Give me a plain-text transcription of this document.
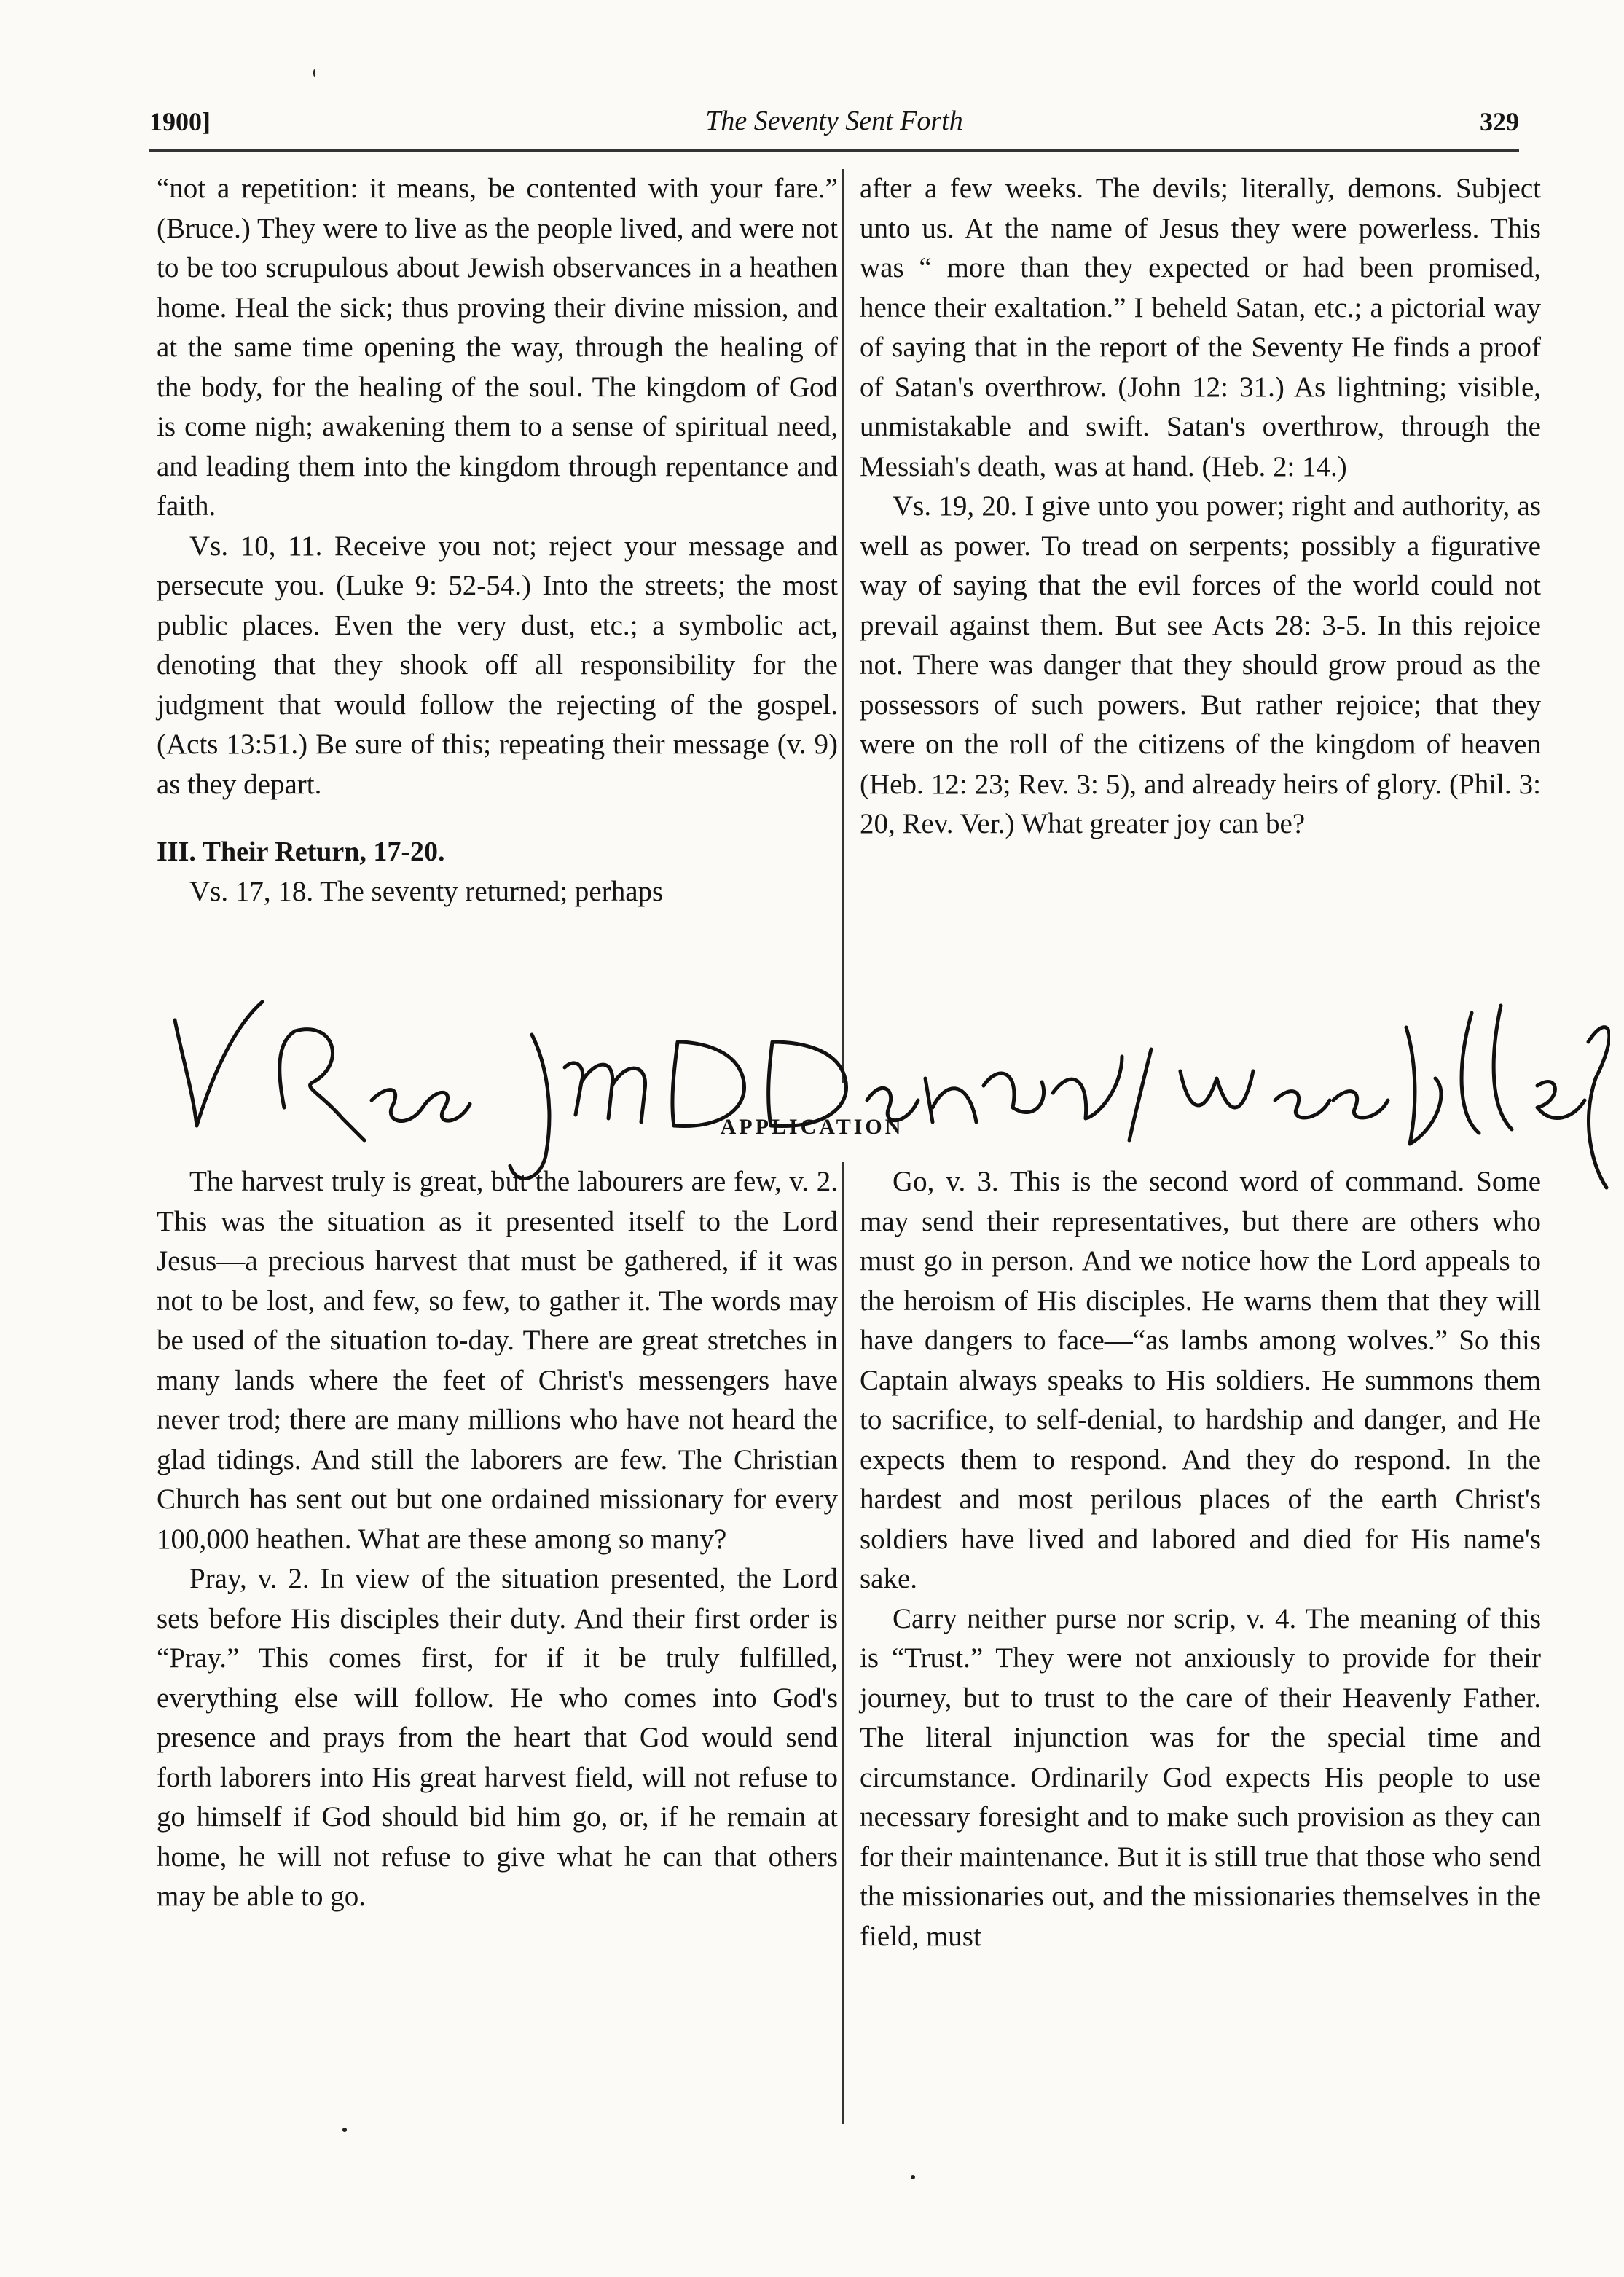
1900]	The Seventy Sent Forth	329

“not a repetition: it means, be contented with your fare.” (Bruce.) They were to live as the people lived, and were not to be too scrupulous about Jewish observances in a heathen home. Heal the sick; thus proving their divine mission, and at the same time opening the way, through the healing of the body, for the healing of the soul. The kingdom of God is come nigh; awakening them to a sense of spiritual need, and leading them into the kingdom through repentance and faith.

Vs. 10, 11. Receive you not; reject your message and persecute you. (Luke 9: 52-54.) Into the streets; the most public places. Even the very dust, etc.; a symbolic act, denoting that they shook off all responsibility for the judgment that would follow the rejecting of the gospel. (Acts 13:51.) Be sure of this; repeating their message (v. 9) as they depart.

III. Their Return, 17-20.

Vs. 17, 18. The seventy returned; perhaps

after a few weeks. The devils; literally, demons. Subject unto us. At the name of Jesus they were powerless. This was “ more than they expected or had been promised, hence their exaltation.” I beheld Satan, etc.; a pictorial way of saying that in the report of the Seventy He finds a proof of Satan's overthrow. (John 12: 31.) As lightning; visible, unmistakable and swift. Satan's overthrow, through the Messiah's death, was at hand. (Heb. 2: 14.)

Vs. 19, 20. I give unto you power; right and authority, as well as power. To tread on serpents; possibly a figurative way of saying that the evil forces of the world could not prevail against them. But see Acts 28: 3-5. In this rejoice not. There was danger that they should grow proud as the possessors of such powers. But rather rejoice; that they were on the roll of the citizens of the kingdom of heaven (Heb. 12: 23; Rev. 3: 5), and already heirs of glory. (Phil. 3: 20, Rev. Ver.) What greater joy can be?

APPLICATION

The harvest truly is great, but the labourers are few, v. 2. This was the situation as it presented itself to the Lord Jesus—a precious harvest that must be gathered, if it was not to be lost, and few, so few, to gather it. The words may be used of the situation to-day. There are great stretches in many lands where the feet of Christ's messengers have never trod; there are many millions who have not heard the glad tidings. And still the laborers are few. The Christian Church has sent out but one ordained missionary for every 100,000 heathen. What are these among so many?

Pray, v. 2. In view of the situation presented, the Lord sets before His disciples their duty. And their first order is “Pray.” This comes first, for if it be truly fulfilled, everything else will follow. He who comes into God's presence and prays from the heart that God would send forth laborers into His great harvest field, will not refuse to go himself if God should bid him go, or, if he remain at home, he will not refuse to give what he can that others may be able to go.

Go, v. 3. This is the second word of command. Some may send their representatives, but there are others who must go in person. And we notice how the Lord appeals to the heroism of His disciples. He warns them that they will have dangers to face—“as lambs among wolves.” So this Captain always speaks to His soldiers. He summons them to sacrifice, to self-denial, to hardship and danger, and He expects them to respond. And they do respond. In the hardest and most perilous places of the earth Christ's soldiers have lived and labored and died for His name's sake.

Carry neither purse nor scrip, v. 4. The meaning of this is “Trust.” They were not anxiously to provide for their journey, but to trust to the care of their Heavenly Father. The literal injunction was for the special time and circumstance. Ordinarily God expects His people to use necessary foresight and to make such provision as they can for their maintenance. But it is still true that those who send the missionaries out, and the missionaries themselves in the field, must
